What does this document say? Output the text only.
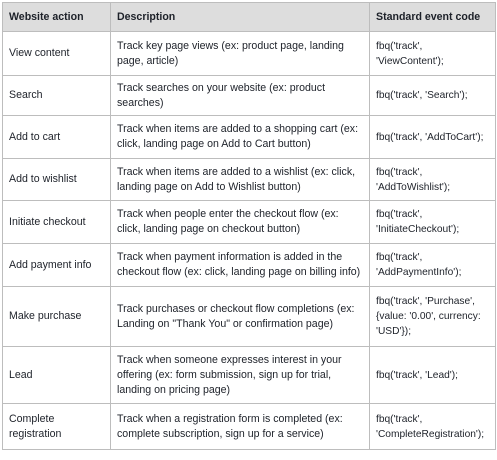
Website action	Description	Standard event code
View content	Track key page views (ex: product page, landing page, article)	fbq('track', 'ViewContent');
Search	Track searches on your website (ex: product searches)	fbq('track', 'Search');
Add to cart	Track when items are added to a shopping cart (ex: click, landing page on Add to Cart button)	fbq('track', 'AddToCart');
Add to wishlist	Track when items are added to a wishlist (ex: click, landing page on Add to Wishlist button)	fbq('track', 'AddToWishlist');
Initiate checkout	Track when people enter the checkout flow (ex: click, landing page on checkout button)	fbq('track', 'InitiateCheckout');
Add payment info	Track when payment information is added in the checkout flow (ex: click, landing page on billing info)	fbq('track', 'AddPaymentInfo');
Make purchase	Track purchases or checkout flow completions (ex: Landing on "Thank You" or confirmation page)	fbq('track', 'Purchase', {value: '0.00', currency: 'USD'});
Lead	Track when someone expresses interest in your offering (ex: form submission, sign up for trial, landing on pricing page)	fbq('track', 'Lead');
Complete registration	Track when a registration form is completed (ex: complete subscription, sign up for a service)	fbq('track', 'CompleteRegistration');
